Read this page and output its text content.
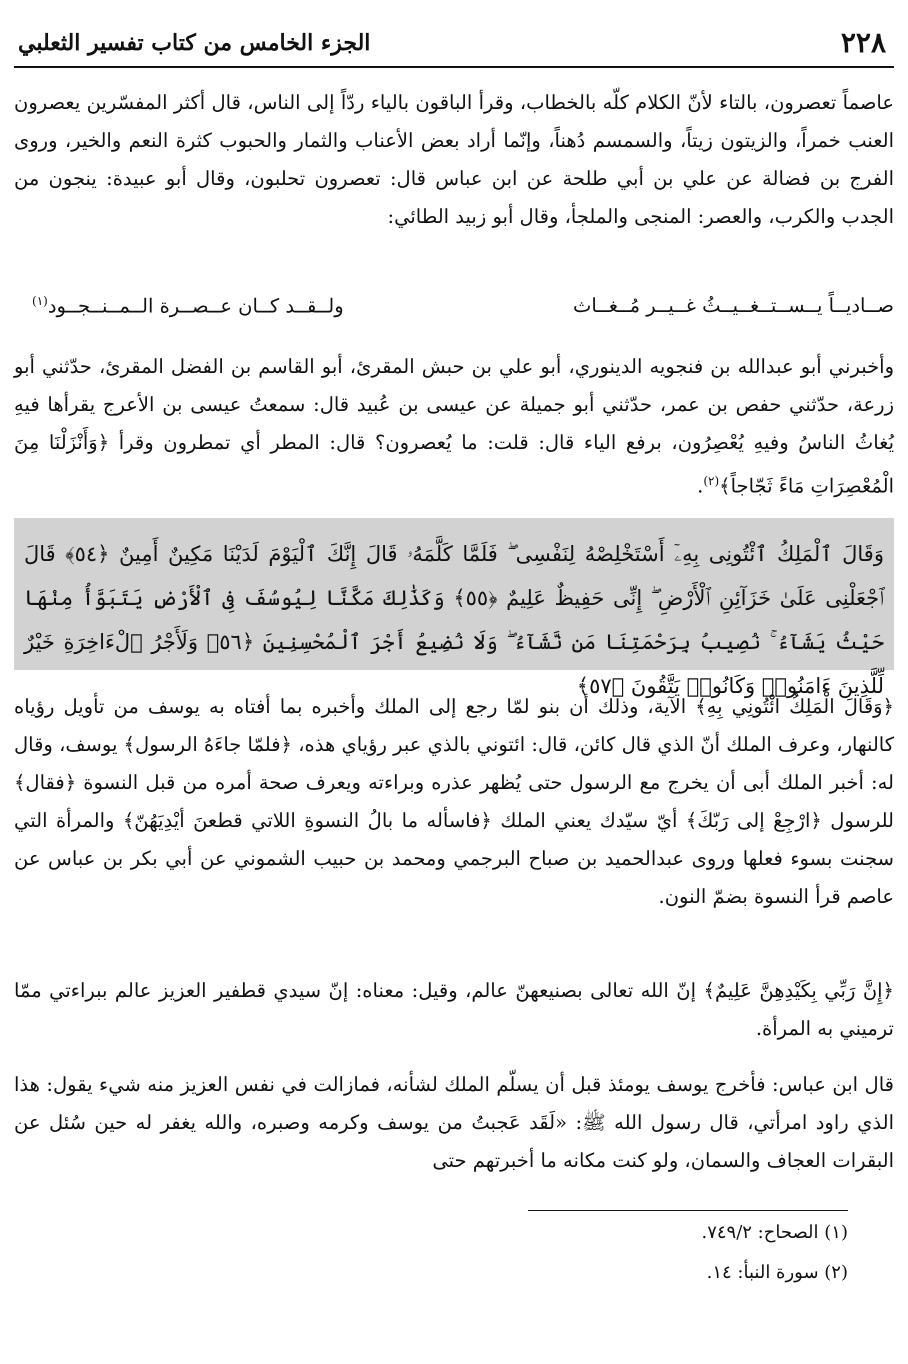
٢٢٨
الجزء الخامس من كتاب تفسير الثعلبي

عاصماً تعصرون، بالتاء لأنّ الكلام كلّه بالخطاب، وقرأ الباقون بالياء ردّاً إلى الناس، قال أكثر المفسّرين يعصرون العنب خمراً، والزيتون زيتاً، والسمسم دُهناً، وإنّما أراد بعض الأعناب والثمار والحبوب كثرة النعم والخير، وروى الفرج بن فضالة عن علي بن أبي طلحة عن ابن عباس قال: تعصرون تحلبون، وقال أبو عبيدة: ينجون من الجدب والكرب، والعصر: المنجى والملجأ، وقال أبو زبيد الطائي:

صــاديــاً يــســتــغــيــثُ غــيــر مُــغــاث
ولــقــد كــان عــصــرة الــمــنــجــود$^{(١)}$

وأخبرني أبو عبدالله بن فنجويه الدينوري، أبو علي بن حبش المقرئ، أبو القاسم بن الفضل المقرئ، حدّثني أبو زرعة، حدّثني حفص بن عمر، حدّثني أبو جميلة عن عيسى بن عُبيد قال: سمعتُ عيسى بن الأعرج يقرأها فيهِ يُغاثُ الناسُ وفيهِ يُعْصِرُون، برفع الياء قال: قلت: ما يُعصرون؟ قال: المطر أي تمطرون وقرأ ﴿وَأَنْزَلْنَا مِنَ الْمُعْصِرَاتِ مَاءً ثَجّاجاً﴾$^{(٢)}$.

وَقَالَ ٱلْمَلِكُ ٱئْتُونِى بِهِۦٓ أَسْتَخْلِصْهُ لِنَفْسِى ۖ فَلَمَّا كَلَّمَهُۥ قَالَ إِنَّكَ ٱلْيَوْمَ لَدَيْنَا مَكِينٌ أَمِينٌ ﴿٥٤﴾ قَالَ ٱجْعَلْنِى عَلَىٰ خَزَآئِنِ ٱلْأَرْضِ ۖ إِنِّى حَفِيظٌ عَلِيمٌ ﴿٥٥﴾ وَكَذَٰلِكَ مَكَّنَّا لِيُوسُفَ فِى ٱلْأَرْضِ يَتَبَوَّأُ مِنْهَا حَيْثُ يَشَآءُ ۚ نُصِيبُ بِرَحْمَتِنَا مَن نَّشَآءُ ۖ وَلَا نُضِيعُ أَجْرَ ٱلْمُحْسِنِينَ ﴿٥٦﴾ وَلَأَجْرُ ٱلْءَاخِرَةِ خَيْرٌ لِّلَّذِينَ ءَامَنُوا۟ وَكَانُوا۟ يَتَّقُونَ ﴿٥٧﴾

﴿وَقَالَ الْمَلِكُ ائْتُونِي بِهِ﴾ الآية، وذلك أن بنو لمّا رجع إلى الملك وأخبره بما أفتاه به يوسف من تأويل رؤياه كالنهار، وعرف الملك أنّ الذي قال كائن، قال: ائتوني بالذي عبر رؤياي هذه، ﴿فلمّا جاءَهُ الرسول﴾ يوسف، وقال له: أخبر الملك أبى أن يخرج مع الرسول حتى يُظهر عذره وبراءته ويعرف صحة أمره من قبل النسوة ﴿فقال﴾ للرسول ﴿ارْجِعْ إلى رَبّكَ﴾ أيّ سيّدك يعني الملك ﴿فاسأله ما بالُ النسوةِ اللاتي قطعنَ أيْدِيَهُنّ﴾ والمرأة التي سجنت بسوء فعلها وروى عبدالحميد بن صباح البرجمي ومحمد بن حبيب الشموني عن أبي بكر بن عباس عن عاصم قرأ النسوة بضمّ النون.

﴿إِنَّ رَبِّي بِكَيْدِهِنَّ عَلِيمٌ﴾ إنّ الله تعالى بصنيعهنّ عالم، وقيل: معناه: إنّ سيدي قطفير العزيز عالم ببراءتي ممّا ترميني به المرأة.

قال ابن عباس: فأخرج يوسف يومئذ قبل أن يسلّم الملك لشأنه، فمازالت في نفس العزيز منه شيء يقول: هذا الذي راود امرأتي، قال رسول الله ﷺ: «لَقَد عَجبتُ من يوسف وكرمه وصبره، والله يغفر له حين سُئل عن البقرات العجاف والسمان، ولو كنت مكانه ما أخبرتهم حتى

(١) الصحاح: ٧٤٩/٢.
(٢) سورة النبأ: ١٤.
